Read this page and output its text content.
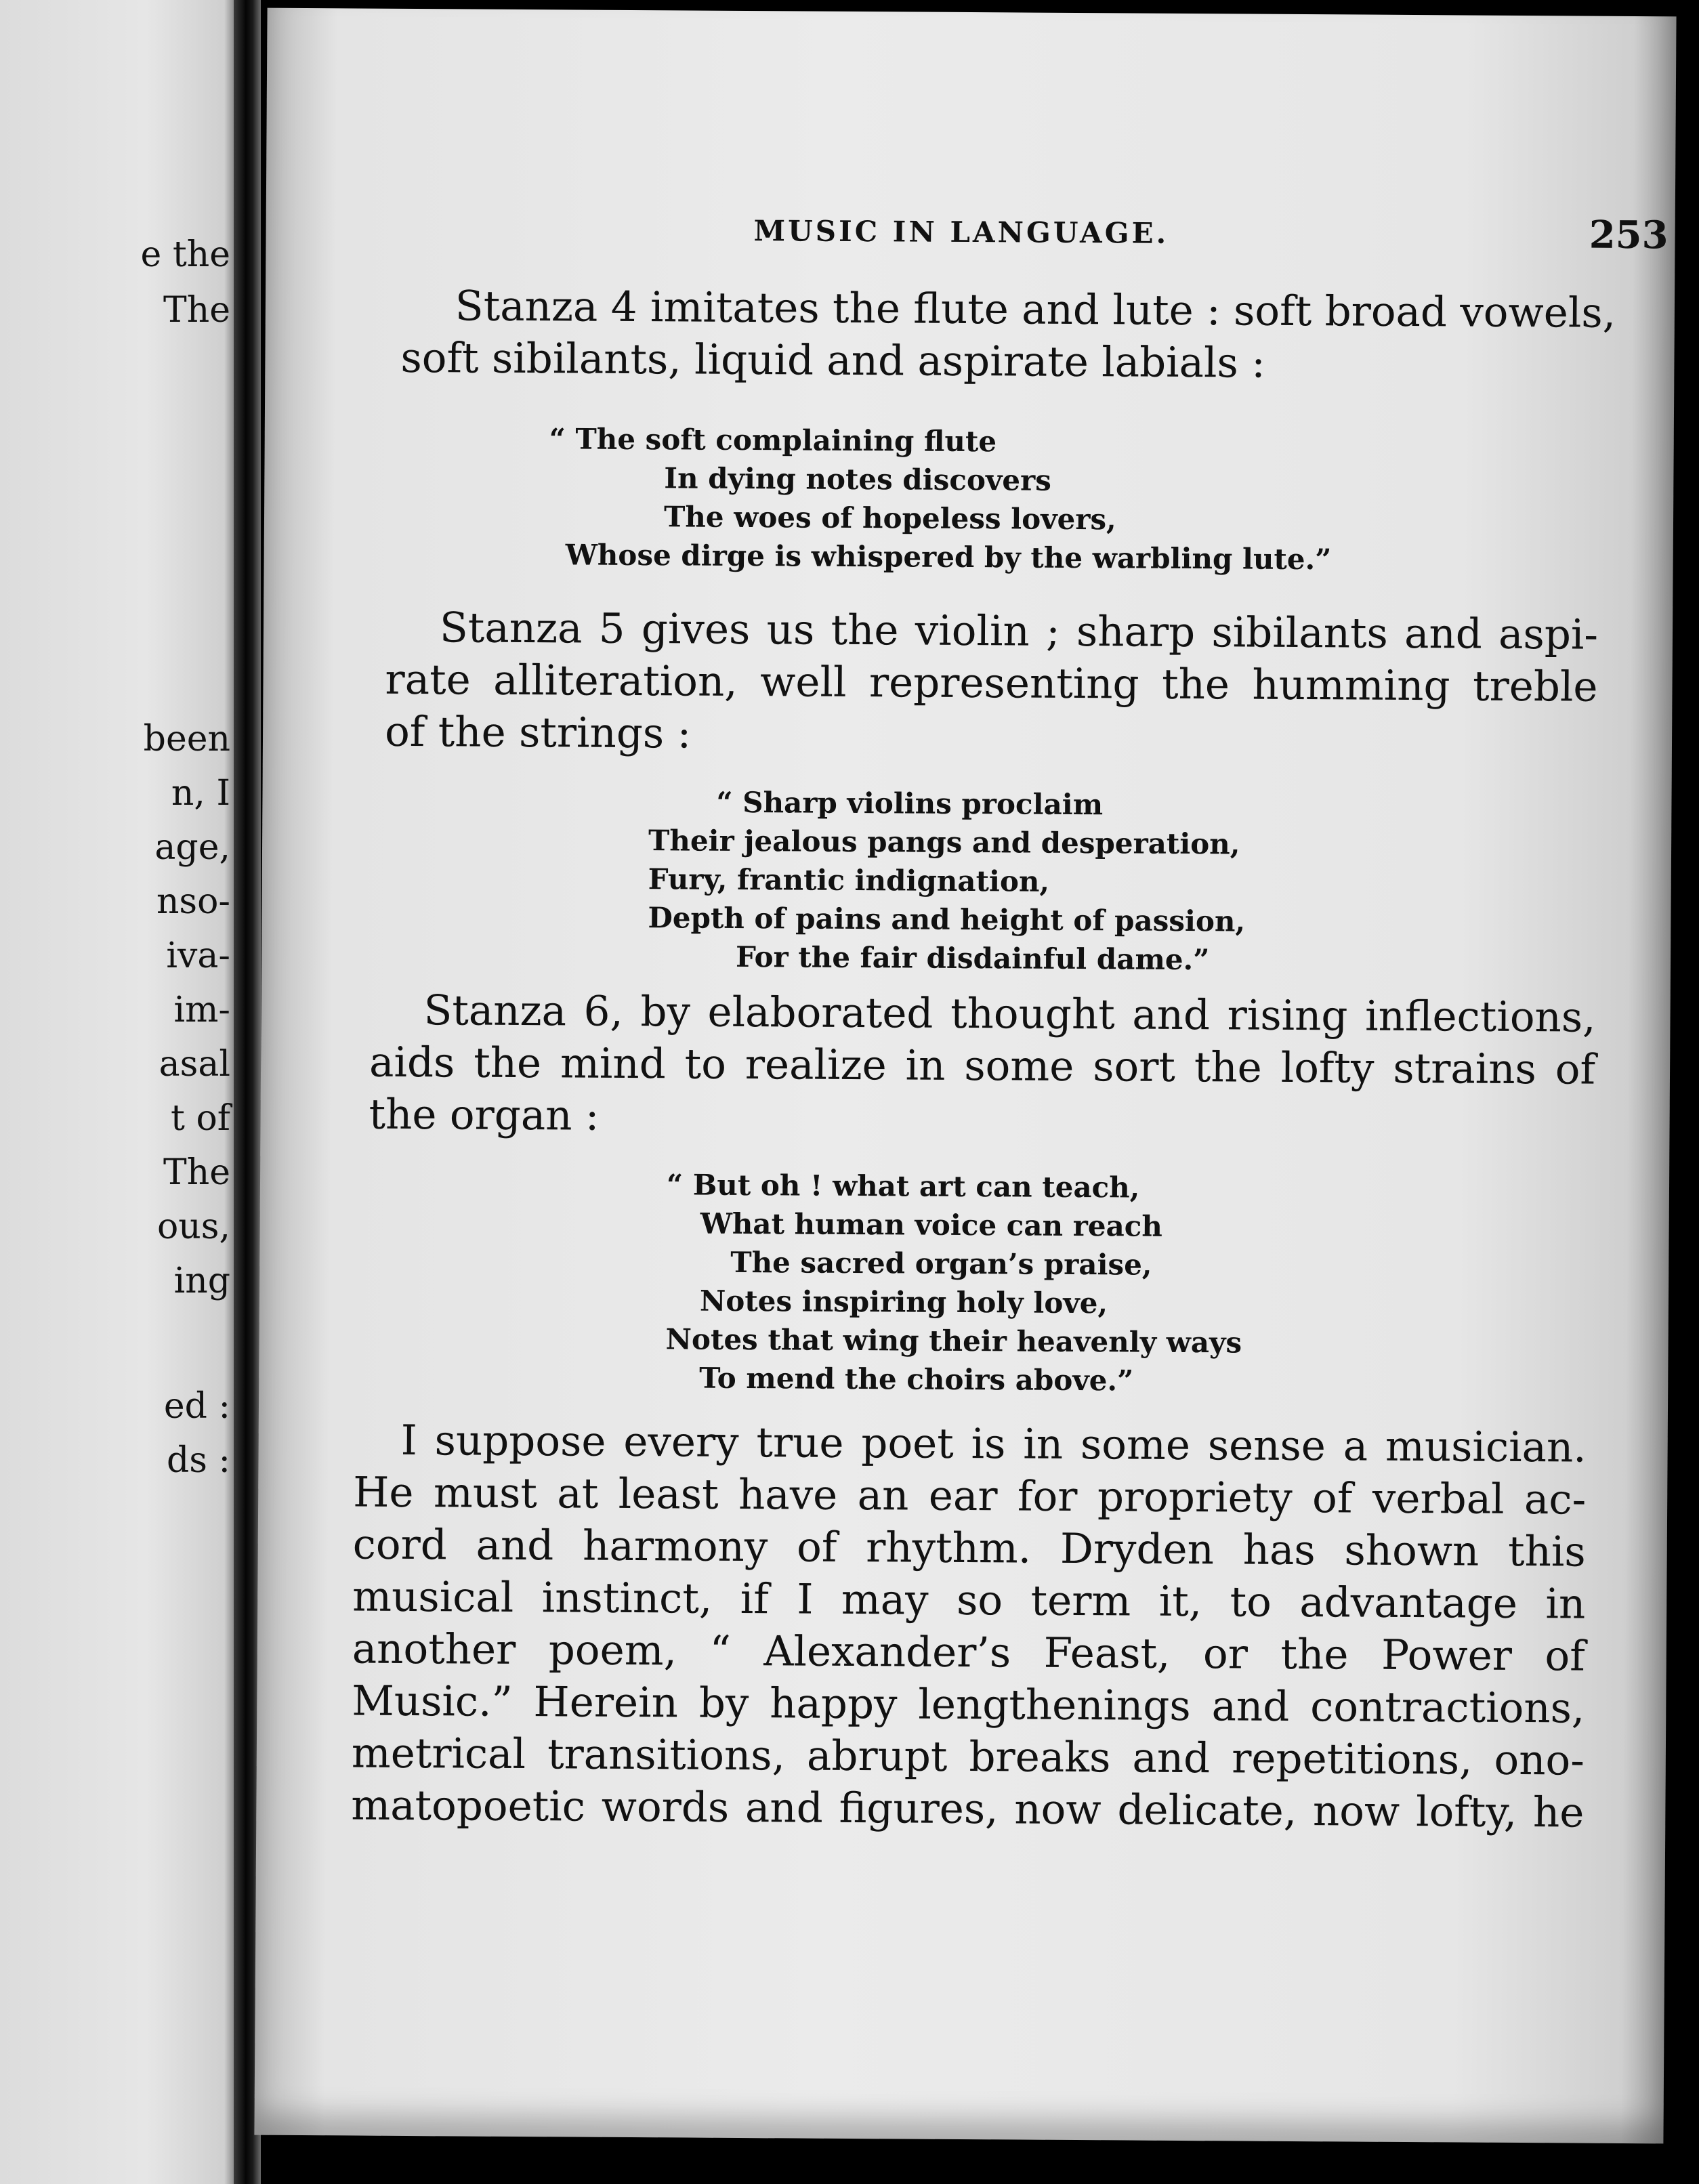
e the
The
been
n, I
age,
nso-
iva-
im-
asal
t of
The
ous,
ing
ed :
ds :
MUSIC IN LANGUAGE.	253
Stanza 4 imitates the flute and lute : soft broad vowels,
soft sibilants, liquid and aspirate labials :
“ The soft complaining flute
In dying notes discovers
The woes of hopeless lovers,
Whose dirge is whispered by the warbling lute.”
Stanza 5 gives us the violin ; sharp sibilants and aspi-
rate alliteration, well representing the humming treble
of the strings :
“ Sharp violins proclaim
Their jealous pangs and desperation,
Fury, frantic indignation,
Depth of pains and height of passion,
For the fair disdainful dame.”
Stanza 6, by elaborated thought and rising inflections,
aids the mind to realize in some sort the lofty strains of
the organ :
“ But oh ! what art can teach,
What human voice can reach
The sacred organ’s praise,
Notes inspiring holy love,
Notes that wing their heavenly ways
To mend the choirs above.”
I suppose every true poet is in some sense a musician.
He must at least have an ear for propriety of verbal ac-
cord and harmony of rhythm. Dryden has shown this
musical instinct, if I may so term it, to advantage in
another poem, “ Alexander’s Feast, or the Power of
Music.” Herein by happy lengthenings and contractions,
metrical transitions, abrupt breaks and repetitions, ono-
matopoetic words and figures, now delicate, now lofty, he
